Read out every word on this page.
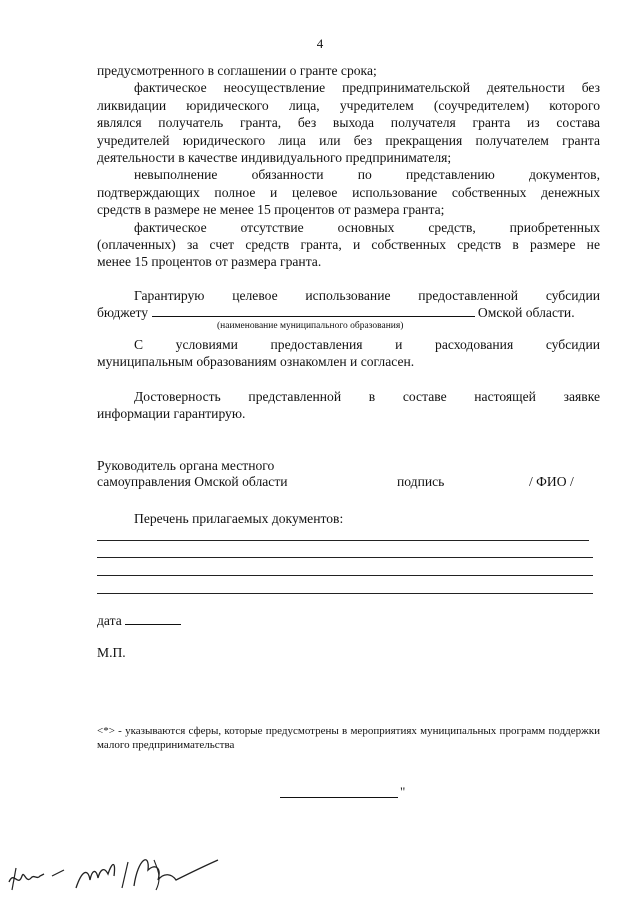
4

предусмотренного в соглашении о гранте срока;

фактическое неосуществление предпринимательской деятельности без

ликвидации юридического лица, учредителем (соучредителем) которого

являлся получатель гранта, без выхода получателя гранта из состава

учредителей юридического лица или без прекращения получателем гранта

деятельности в качестве индивидуального предпринимателя;

невыполнение обязанности по представлению документов,

подтверждающих полное и целевое использование собственных денежных

средств в размере не менее 15 процентов от размера гранта;

фактическое отсутствие основных средств, приобретенных

(оплаченных) за счет средств гранта, и собственных средств в размере не

менее 15 процентов от размера гранта.

Гарантирую целевое использование предоставленной субсидии

бюджету	Омской области.

(наименование муниципального образования)

С условиями предоставления и расходования субсидии

муниципальным образованиям ознакомлен и согласен.

Достоверность представленной в составе настоящей заявке

информации гарантирую.

Руководитель органа местного

самоуправления Омской области	подпись	/ ФИО /
Перечень прилагаемых документов:
дата
М.П.
<*> - указываются сферы, которые предусмотрены в мероприятиях муниципальных программ поддержки малого предпринимательства
"
